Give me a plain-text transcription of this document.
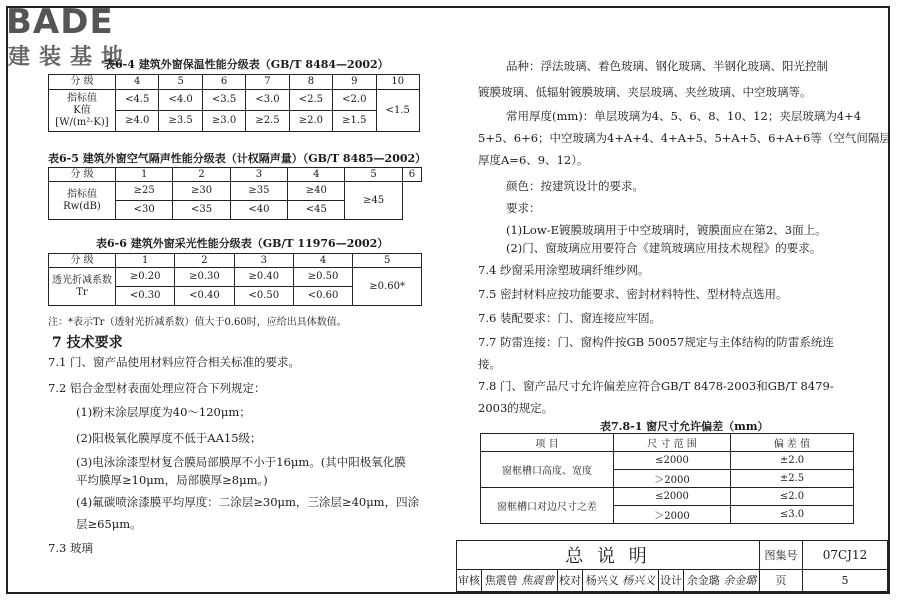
BADE
建装基地
表6-4 建筑外窗保温性能分级表（GB/T 8484—2002）
分 级	4	5	6	7	8	9	10

指标值
K值
[W/(m²·K)]	<4.5	<4.0	<3.5	<3.0	<2.5	<2.0	<1.5
	≥4.0	≥3.5	≥3.0	≥2.5	≥2.0	≥1.5	
表6-5 建筑外窗空气隔声性能分级表（计权隔声量）（GB/T 8485—2002）
分 级	1	2	3	4	5	6

指标值
Rw(dB)	≥25	≥30	≥35	≥40	≥45	
	<30	<35	<40	<45		
表6-6 建筑外窗采光性能分级表（GB/T 11976—2002）
分 级	1	2	3	4	5

透光折减系数
Tr	≥0.20	≥0.30	≥0.40	≥0.50	≥0.60*
	<0.30	<0.40	<0.50	<0.60	
注：*表示Tr（透射光折减系数）值大于0.60时，应给出具体数值。
7 技术要求
7.1 门、窗产品使用材料应符合相关标准的要求。
7.2 铝合金型材表面处理应符合下列规定：
(1)粉末涂层厚度为40～120μm；
(2)阳极氧化膜厚度不低于AA15级；
(3)电泳涂漆型材复合膜局部膜厚不小于16μm。(其中阳极氧化膜
平均膜厚≥10μm，局部膜厚≥8μm。)
(4)氟碳喷涂漆膜平均厚度：二涂层≥30μm，三涂层≥40μm，四涂
层≥65μm。
7.3 玻璃
品种：浮法玻璃、着色玻璃、钢化玻璃、半钢化玻璃、阳光控制
镀膜玻璃、低辐射镀膜玻璃、夹层玻璃、夹丝玻璃、中空玻璃等。
常用厚度(mm)：单层玻璃为4、5、6、8、10、12；夹层玻璃为4+4
5+5、6+6；中空玻璃为4+A+4、4+A+5、5+A+5、6+A+6等（空气间隔层
厚度A=6、9、12）。
颜色：按建筑设计的要求。
要求：
(1)Low-E镀膜玻璃用于中空玻璃时，镀膜面应在第2、3面上。
(2)门、窗玻璃应用要符合《建筑玻璃应用技术规程》的要求。
7.4 纱窗采用涂塑玻璃纤维纱网。
7.5 密封材料应按功能要求、密封材料特性、型材特点选用。
7.6 装配要求：门、窗连接应牢固。
7.7 防雷连接：门、窗构件按GB 50057规定与主体结构的防雷系统连
接。
7.8 门、窗产品尺寸允许偏差应符合GB/T 8478-2003和GB/T 8479-
2003的规定。
表7.8-1 窗尺寸允许偏差（mm）
项 目	尺 寸 范 围	偏 差 值
窗框槽口高度、宽度	≤2000	±2.0
	＞2000	±2.5
窗框槽口对边尺寸之差	≤2000	≤2.0
	＞2000	≤3.0
总 说 明						图集号	07CJ12
审核	焦震曾 焦震曾	校对	杨兴义 杨兴义	设计	余金璐 余金璐	页	5
